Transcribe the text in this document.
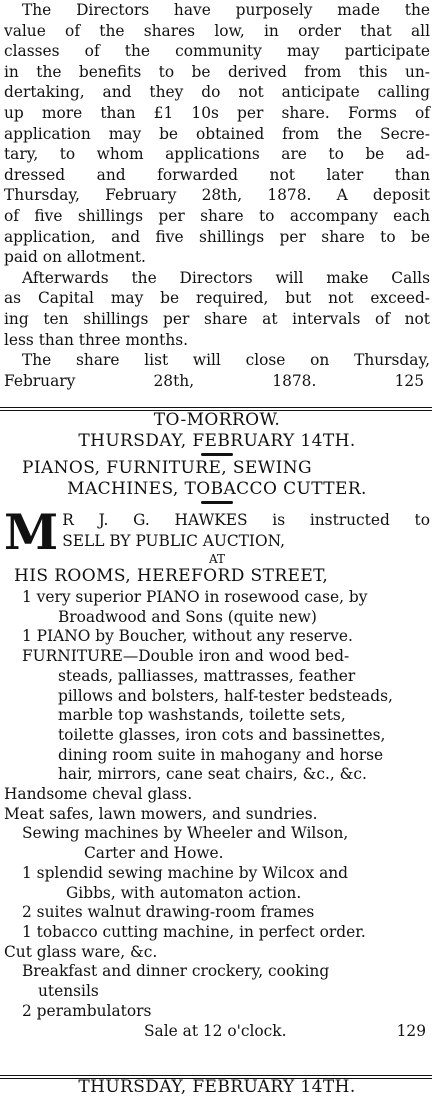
The Directors have purposely made the
value of the shares low, in order that all
classes of the community may participate
in the benefits to be derived from this un-
dertaking, and they do not anticipate calling
up more than £1 10s per share. Forms of
application may be obtained from the Secre-
tary, to whom applications are to be ad-
dressed and forwarded not later than
Thursday, February 28th, 1878. A deposit
of five shillings per share to accompany each
application, and five shillings per share to be
paid on allotment.
Afterwards the Directors will make Calls
as Capital may be required, but not exceed-
ing ten shillings per share at intervals of not
less than three months.
The share list will close on Thursday,
February 28th, 1878.	125
TO-MORROW.
THURSDAY, FEBRUARY 14TH.
PIANOS, FURNITURE, SEWING
MACHINES, TOBACCO CUTTER.
M R J. G. HAWKES is instructed to
SELL BY PUBLIC AUCTION,
AT
HIS ROOMS, HEREFORD STREET,
1 very superior PIANO in rosewood case, by
Broadwood and Sons (quite new)
1 PIANO by Boucher, without any reserve.
FURNITURE—Double iron and wood bed-
steads, palliasses, mattrasses, feather
pillows and bolsters, half-tester bedsteads,
marble top washstands, toilette sets,
toilette glasses, iron cots and bassinettes,
dining room suite in mahogany and horse
hair, mirrors, cane seat chairs, &c., &c.
Handsome cheval glass.
Meat safes, lawn mowers, and sundries.
Sewing machines by Wheeler and Wilson,
Carter and Howe.
1 splendid sewing machine by Wilcox and
Gibbs, with automaton action.
2 suites walnut drawing-room frames
1 tobacco cutting machine, in perfect order.
Cut glass ware, &c.
Breakfast and dinner crockery, cooking
utensils
2 perambulators
Sale at 12 o'clock.	129
THURSDAY, FEBRUARY 14TH.
